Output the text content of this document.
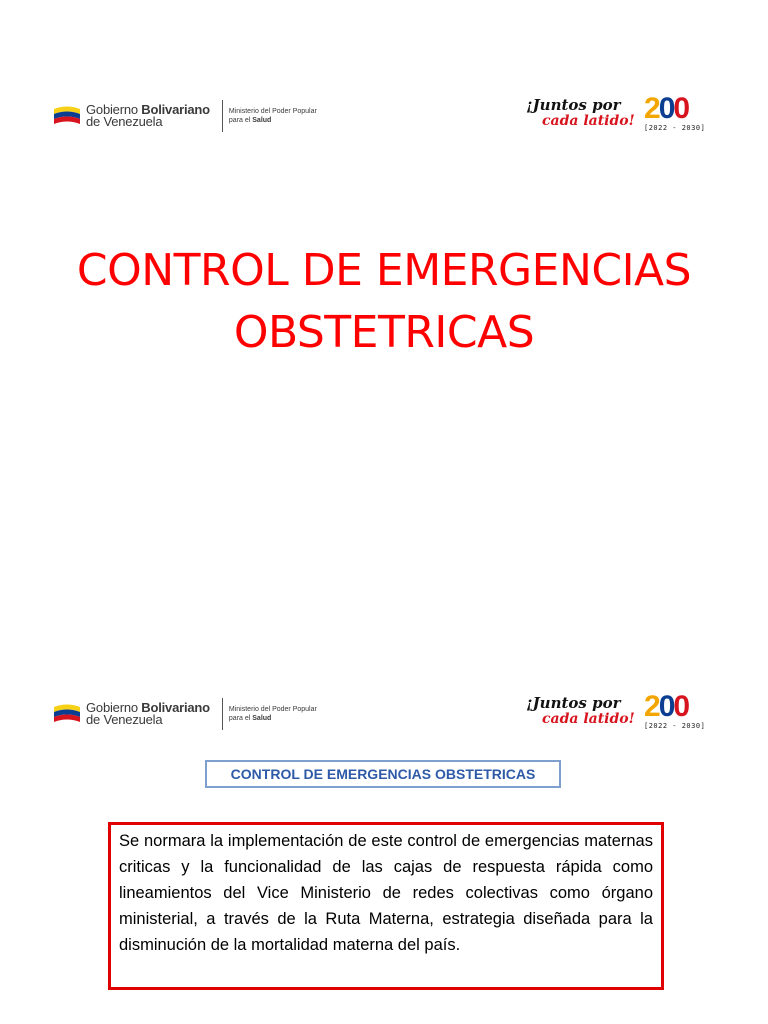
Gobierno Bolivariano
de Venezuela
Ministerio del Poder Popular
para el Salud
¡Juntos por
cada latido! 200
[2022 - 2030]
CONTROL DE EMERGENCIAS
OBSTETRICAS
Gobierno Bolivariano
de Venezuela
Ministerio del Poder Popular
para el Salud
¡Juntos por
cada latido! 200
[2022 - 2030]
CONTROL DE EMERGENCIAS OBSTETRICAS
Se normara la implementación de este control de emergencias maternas criticas y la funcionalidad de las cajas de respuesta rápida como lineamientos del Vice Ministerio de redes colectivas como órgano ministerial, a través de la Ruta Materna, estrategia diseñada para la disminución de la mortalidad materna del país.
